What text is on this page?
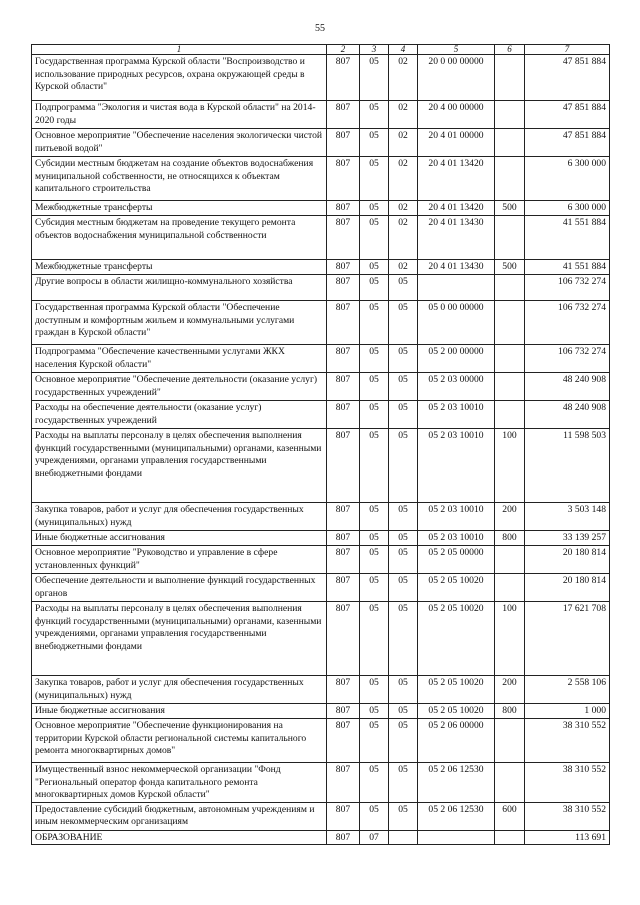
55
1	2	3	4	5	6	7
Государственная программа Курской области "Воспроизводство и использование природных ресурсов, охрана окружающей среды в Курской области"	807	05	02	20 0 00 00000		47 851 884
Подпрограмма "Экология и чистая вода в Курской области" на 2014-2020 годы	807	05	02	20 4 00 00000		47 851 884
Основное мероприятие "Обеспечение населения экологически чистой питьевой водой"	807	05	02	20 4 01 00000		47 851 884
Субсидии местным бюджетам на создание объектов водоснабжения муниципальной собственности, не относящихся к объектам капитального строительства	807	05	02	20 4 01 13420		6 300 000
Межбюджетные трансферты	807	05	02	20 4 01 13420	500	6 300 000
Субсидия местным бюджетам на проведение текущего ремонта объектов водоснабжения муниципальной собственности	807	05	02	20 4 01 13430		41 551 884
Межбюджетные трансферты	807	05	02	20 4 01 13430	500	41 551 884
Другие вопросы в области жилищно-коммунального хозяйства	807	05	05			106 732 274
Государственная программа Курской области "Обеспечение доступным и комфортным жильем и коммунальными услугами граждан в Курской области"	807	05	05	05 0 00 00000		106 732 274
Подпрограмма "Обеспечение качественными услугами ЖКХ населения Курской области"	807	05	05	05 2 00 00000		106 732 274
Основное мероприятие "Обеспечение деятельности (оказание услуг) государственных учреждений"	807	05	05	05 2 03 00000		48 240 908
Расходы на обеспечение деятельности (оказание услуг) государственных учреждений	807	05	05	05 2 03 10010		48 240 908
Расходы на выплаты персоналу в целях обеспечения выполнения функций государственными (муниципальными) органами, казенными учреждениями, органами управления государственными внебюджетными фондами	807	05	05	05 2 03 10010	100	11 598 503
Закупка товаров, работ и услуг для обеспечения государственных (муниципальных) нужд	807	05	05	05 2 03 10010	200	3 503 148
Иные бюджетные ассигнования	807	05	05	05 2 03 10010	800	33 139 257
Основное мероприятие "Руководство и управление в сфере установленных функций"	807	05	05	05 2 05 00000		20 180 814
Обеспечение деятельности и выполнение функций государственных органов	807	05	05	05 2 05 10020		20 180 814
Расходы на выплаты персоналу в целях обеспечения выполнения функций государственными (муниципальными) органами, казенными учреждениями, органами управления государственными внебюджетными фондами	807	05	05	05 2 05 10020	100	17 621 708
Закупка товаров, работ и услуг для обеспечения государственных (муниципальных) нужд	807	05	05	05 2 05 10020	200	2 558 106
Иные бюджетные ассигнования	807	05	05	05 2 05 10020	800	1 000
Основное мероприятие "Обеспечение функционирования на территории Курской области региональной системы капитального ремонта многоквартирных домов"	807	05	05	05 2 06 00000		38 310 552
Имущественный взнос некоммерческой организации "Фонд "Региональный оператор фонда капитального ремонта многоквартирных домов Курской области"	807	05	05	05 2 06 12530		38 310 552
Предоставление субсидий бюджетным, автономным учреждениям и иным некоммерческим организациям	807	05	05	05 2 06 12530	600	38 310 552
ОБРАЗОВАНИЕ	807	07				113 691
